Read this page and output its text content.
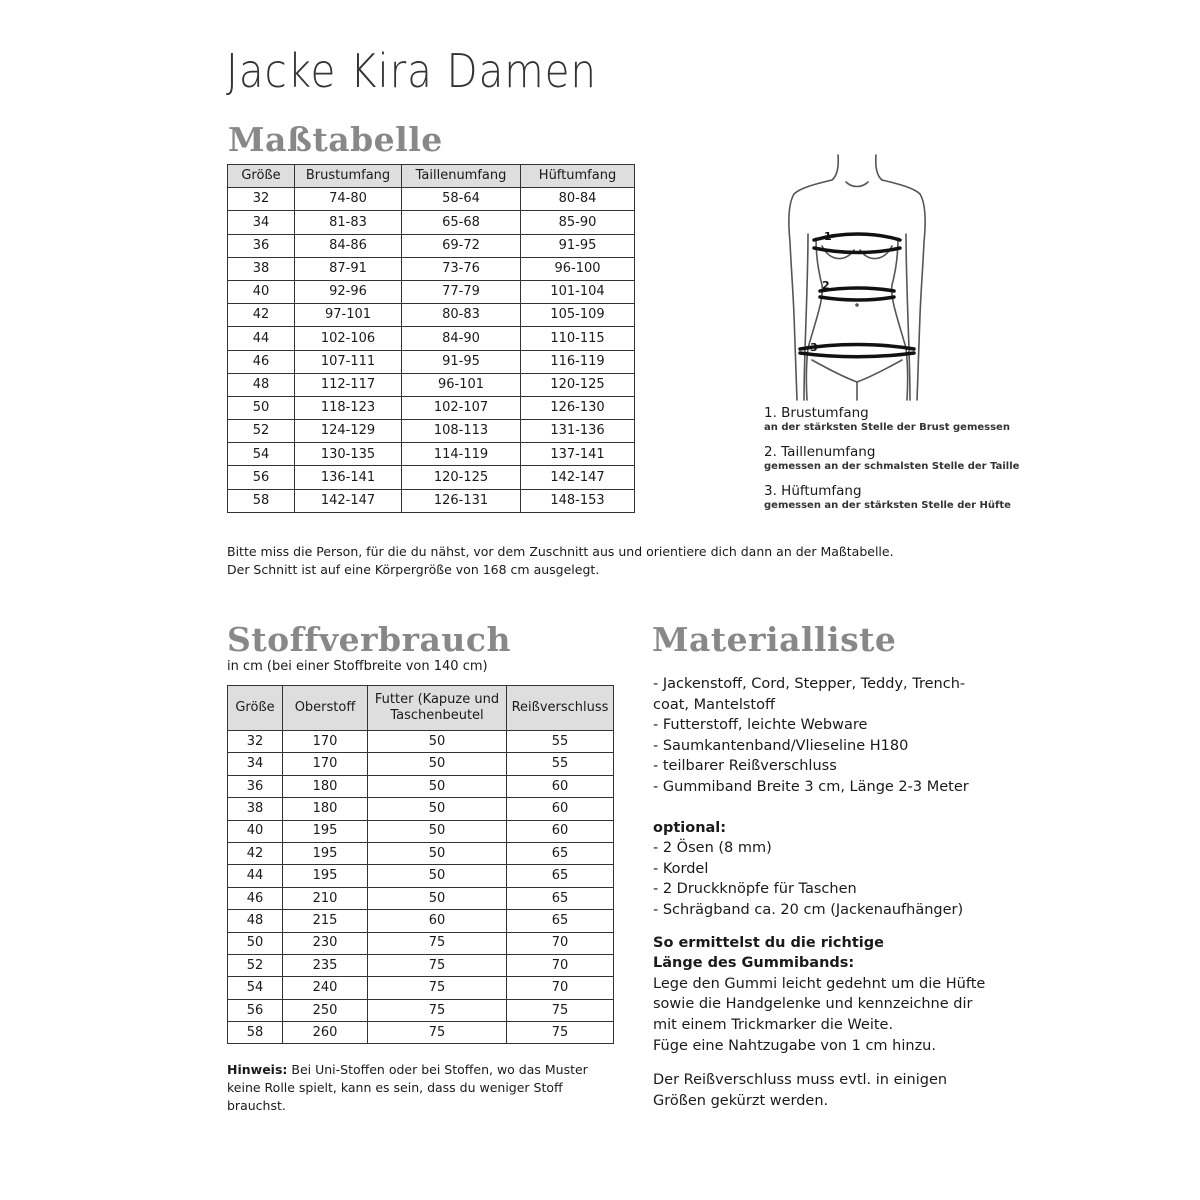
Jacke Kira Damen
Maßtabelle
Größe	Brustumfang	Taillenumfang	Hüftumfang
32	74-80	58-64	80-84
34	81-83	65-68	85-90
36	84-86	69-72	91-95
38	87-91	73-76	96-100
40	92-96	77-79	101-104
42	97-101	80-83	105-109
44	102-106	84-90	110-115
46	107-111	91-95	116-119
48	112-117	96-101	120-125
50	118-123	102-107	126-130
52	124-129	108-113	131-136
54	130-135	114-119	137-141
56	136-141	120-125	142-147
58	142-147	126-131	148-153
Bitte miss die Person, für die du nähst, vor dem Zuschnitt aus und orientiere dich dann an der Maßtabelle.
Der Schnitt ist auf eine Körpergröße von 168 cm ausgelegt.
1
2
3
1. Brustumfang
an der stärksten Stelle der Brust gemessen
2. Taillenumfang
gemessen an der schmalsten Stelle der Taille
3. Hüftumfang
gemessen an der stärksten Stelle der Hüfte
Stoffverbrauch
in cm (bei einer Stoffbreite von 140 cm)
Größe	Oberstoff	Futter (Kapuze und Taschenbeutel	Reißverschluss
32	170	50	55
34	170	50	55
36	180	50	60
38	180	50	60
40	195	50	60
42	195	50	65
44	195	50	65
46	210	50	65
48	215	60	65
50	230	75	70
52	235	75	70
54	240	75	70
56	250	75	75
58	260	75	75
Hinweis: Bei Uni-Stoffen oder bei Stoffen, wo das Muster keine Rolle spielt, kann es sein, dass du weniger Stoff brauchst.
Materialliste
- Jackenstoff, Cord, Stepper, Teddy, Trench-
coat, Mantelstoff
- Futterstoff, leichte Webware
- Saumkantenband/Vlieseline H180
- teilbarer Reißverschluss
- Gummiband Breite 3 cm, Länge 2-3 Meter
optional:
- 2 Ösen (8 mm)
- Kordel
- 2 Druckknöpfe für Taschen
- Schrägband ca. 20 cm (Jackenaufhänger)
So ermittelst du die richtige
Länge des Gummibands:
Lege den Gummi leicht gedehnt um die Hüfte
sowie die Handgelenke und kennzeichne dir
mit einem Trickmarker die Weite.
Füge eine Nahtzugabe von 1 cm hinzu.
Der Reißverschluss muss evtl. in einigen
Größen gekürzt werden.
